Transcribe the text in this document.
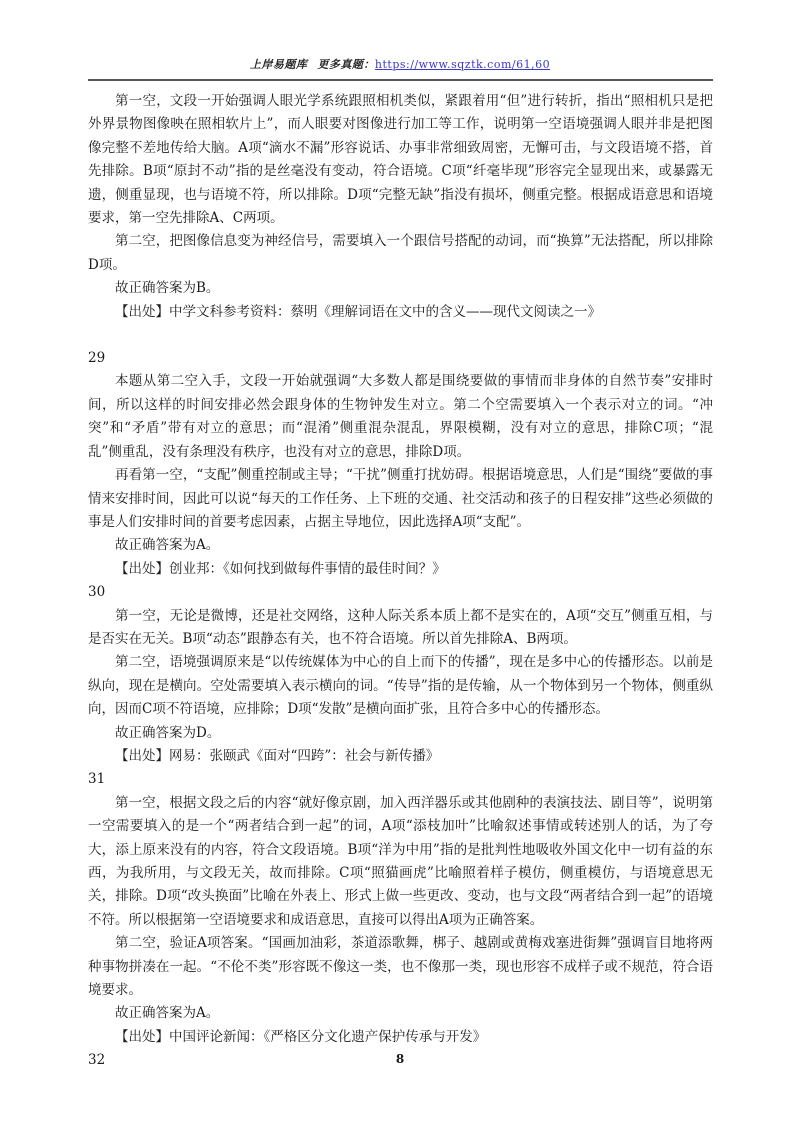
上岸易题库 更多真题：https://www.sqztk.com/61,60

第一空，文段一开始强调人眼光学系统跟照相机类似，紧跟着用“但”进行转折，指出“照相机只是把外界景物图像映在照相软片上”，而人眼要对图像进行加工等工作，说明第一空语境强调人眼并非是把图像完整不差地传给大脑。A项“滴水不漏”形容说话、办事非常细致周密，无懈可击，与文段语境不搭，首先排除。B项“原封不动”指的是丝毫没有变动，符合语境。C项“纤毫毕现”形容完全显现出来，或暴露无遗，侧重显现，也与语境不符，所以排除。D项“完整无缺”指没有损坏，侧重完整。根据成语意思和语境要求，第一空先排除A、C两项。

第二空，把图像信息变为神经信号，需要填入一个跟信号搭配的动词，而“换算”无法搭配，所以排除D项。

故正确答案为B。

【出处】中学文科参考资料：蔡明《理解词语在文中的含义——现代文阅读之一》

29

本题从第二空入手，文段一开始就强调“大多数人都是围绕要做的事情而非身体的自然节奏”安排时间，所以这样的时间安排必然会跟身体的生物钟发生对立。第二个空需要填入一个表示对立的词。“冲突”和“矛盾”带有对立的意思；而“混淆”侧重混杂混乱，界限模糊，没有对立的意思，排除C项；“混乱”侧重乱，没有条理没有秩序，也没有对立的意思，排除D项。

再看第一空，“支配”侧重控制或主导；“干扰”侧重打扰妨碍。根据语境意思，人们是“围绕”要做的事情来安排时间，因此可以说“每天的工作任务、上下班的交通、社交活动和孩子的日程安排”这些必须做的事是人们安排时间的首要考虑因素，占据主导地位，因此选择A项“支配”。

故正确答案为A。

【出处】创业邦：《如何找到做每件事情的最佳时间？》

30

第一空，无论是微博，还是社交网络，这种人际关系本质上都不是实在的，A项“交互”侧重互相，与是否实在无关。B项“动态”跟静态有关，也不符合语境。所以首先排除A、B两项。

第二空，语境强调原来是“以传统媒体为中心的自上而下的传播”，现在是多中心的传播形态。以前是纵向，现在是横向。空处需要填入表示横向的词。“传导”指的是传输，从一个物体到另一个物体，侧重纵向，因而C项不符语境，应排除；D项“发散”是横向面扩张，且符合多中心的传播形态。

故正确答案为D。

【出处】网易：张颐武《面对“四跨”：社会与新传播》

31

第一空，根据文段之后的内容“就好像京剧，加入西洋器乐或其他剧种的表演技法、剧目等”，说明第一空需要填入的是一个“两者结合到一起”的词，A项“添枝加叶”比喻叙述事情或转述别人的话，为了夸大，添上原来没有的内容，符合文段语境。B项“洋为中用”指的是批判性地吸收外国文化中一切有益的东西，为我所用，与文段无关，故而排除。C项“照猫画虎”比喻照着样子模仿，侧重模仿，与语境意思无关，排除。D项“改头换面”比喻在外表上、形式上做一些更改、变动，也与文段“两者结合到一起”的语境不符。所以根据第一空语境要求和成语意思，直接可以得出A项为正确答案。

第二空，验证A项答案。“国画加油彩，茶道添歌舞，梆子、越剧或黄梅戏塞进街舞”强调盲目地将两种事物拼凑在一起。“不伦不类”形容既不像这一类，也不像那一类，现也形容不成样子或不规范，符合语境要求。

故正确答案为A。

【出处】中国评论新闻：《严格区分文化遗产保护传承与开发》

32	8
